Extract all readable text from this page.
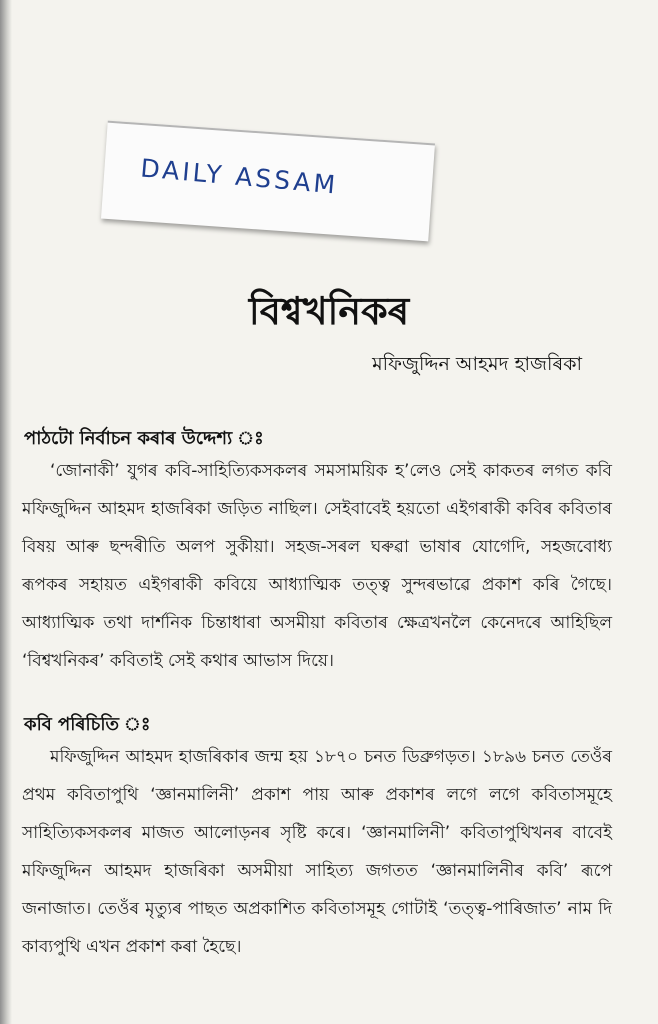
DAILY ASSAM
বিশ্বখনিকৰ
মফিজুদ্দিন আহমদ হাজৰিকা
পাঠটো নিৰ্বাচন কৰাৰ উদ্দেশ্য ঃ
‘জোনাকী’ যুগৰ কবি-সাহিত্যিকসকলৰ সমসাময়িক হ’লেও সেই কাকতৰ লগত কবি মফিজুদ্দিন আহমদ হাজৰিকা জড়িত নাছিল। সেইবাবেই হয়তো এইগৰাকী কবিৰ কবিতাৰ বিষয় আৰু ছন্দৰীতি অলপ সুকীয়া। সহজ-সৰল ঘৰুৱা ভাষাৰ যোগেদি, সহজবোধ্য ৰূপকৰ সহায়ত এইগৰাকী কবিয়ে আধ্যাত্মিক তত্ত্ব সুন্দৰভাৱে প্ৰকাশ কৰি গৈছে। আধ্যাত্মিক তথা দাৰ্শনিক চিন্তাধাৰা অসমীয়া কবিতাৰ ক্ষেত্ৰখনলৈ কেনেদৰে আহিছিল ‘বিশ্বখনিকৰ’ কবিতাই সেই কথাৰ আভাস দিয়ে।
কবি পৰিচিতি ঃ
মফিজুদ্দিন আহমদ হাজৰিকাৰ জন্ম হয় ১৮৭০ চনত ডিব্ৰুগড়ত। ১৮৯৬ চনত তেওঁৰ প্ৰথম কবিতাপুথি ‘জ্ঞানমালিনী’ প্ৰকাশ পায় আৰু প্ৰকাশৰ লগে লগে কবিতাসমূহে সাহিত্যিকসকলৰ মাজত আলোড়নৰ সৃষ্টি কৰে। ‘জ্ঞানমালিনী’ কবিতাপুথিখনৰ বাবেই মফিজুদ্দিন আহমদ হাজৰিকা অসমীয়া সাহিত্য জগতত ‘জ্ঞানমালিনীৰ কবি’ ৰূপে জনাজাত। তেওঁৰ মৃত্যুৰ পাছত অপ্ৰকাশিত কবিতাসমূহ গোটাই ‘তত্ত্ব-পাৰিজাত’ নাম দি কাব্যপুথি এখন প্ৰকাশ কৰা হৈছে।
